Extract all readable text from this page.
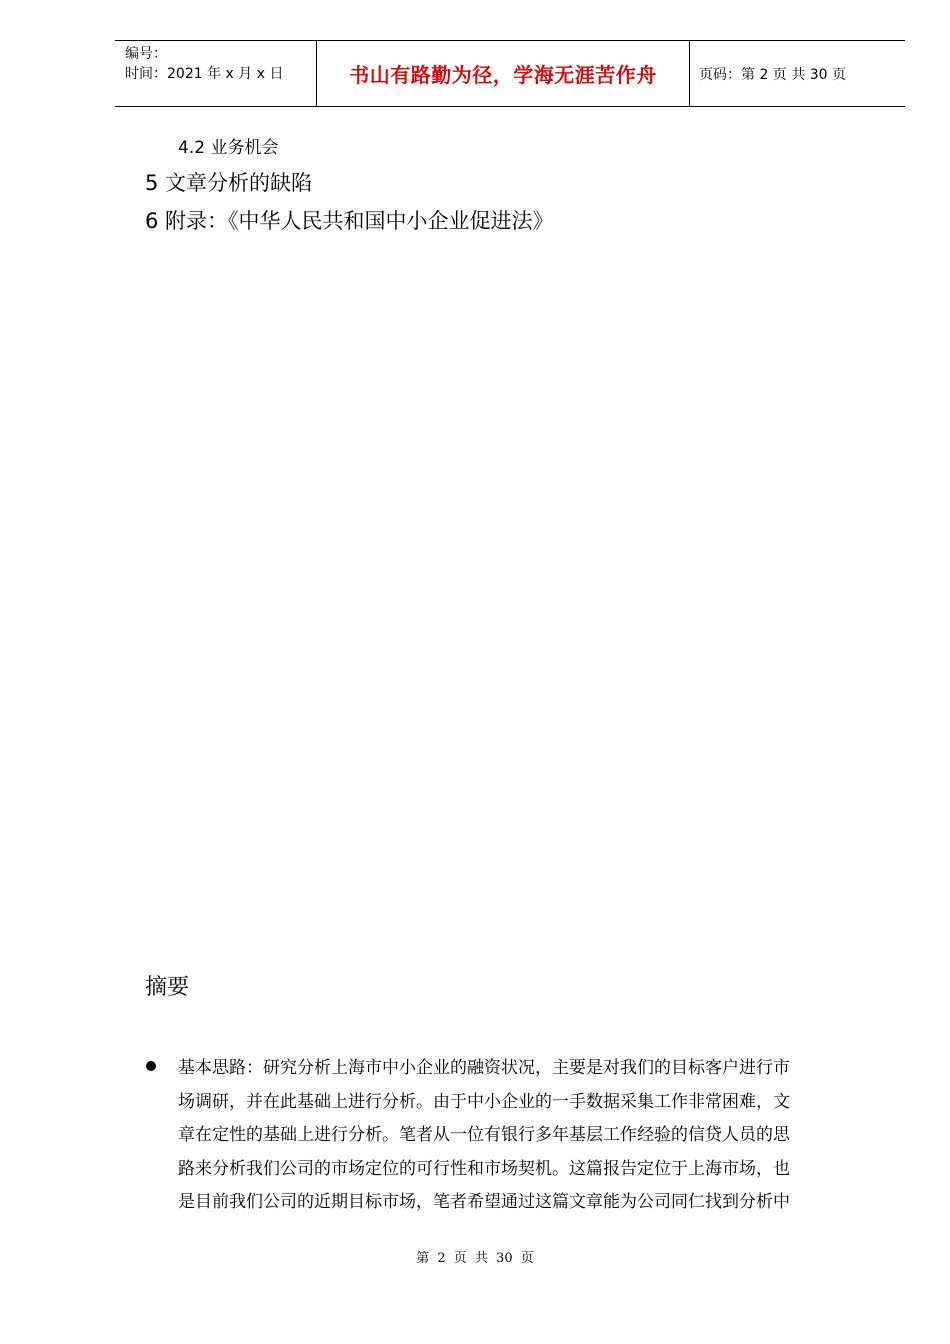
编号：
时间：2021 年 x 月 x 日	书山有路勤为径，学海无涯苦作舟	页码：第 2 页 共 30 页
4.2 业务机会
5 文章分析的缺陷
6 附录：《中华人民共和国中小企业促进法》
摘要
基本思路：研究分析上海市中小企业的融资状况，主要是对我们的目标客户进行市
场调研，并在此基础上进行分析。由于中小企业的一手数据采集工作非常困难，文
章在定性的基础上进行分析。笔者从一位有银行多年基层工作经验的信贷人员的思
路来分析我们公司的市场定位的可行性和市场契机。这篇报告定位于上海市场，也
是目前我们公司的近期目标市场，笔者希望通过这篇文章能为公司同仁找到分析中
第 2 页 共 30 页
